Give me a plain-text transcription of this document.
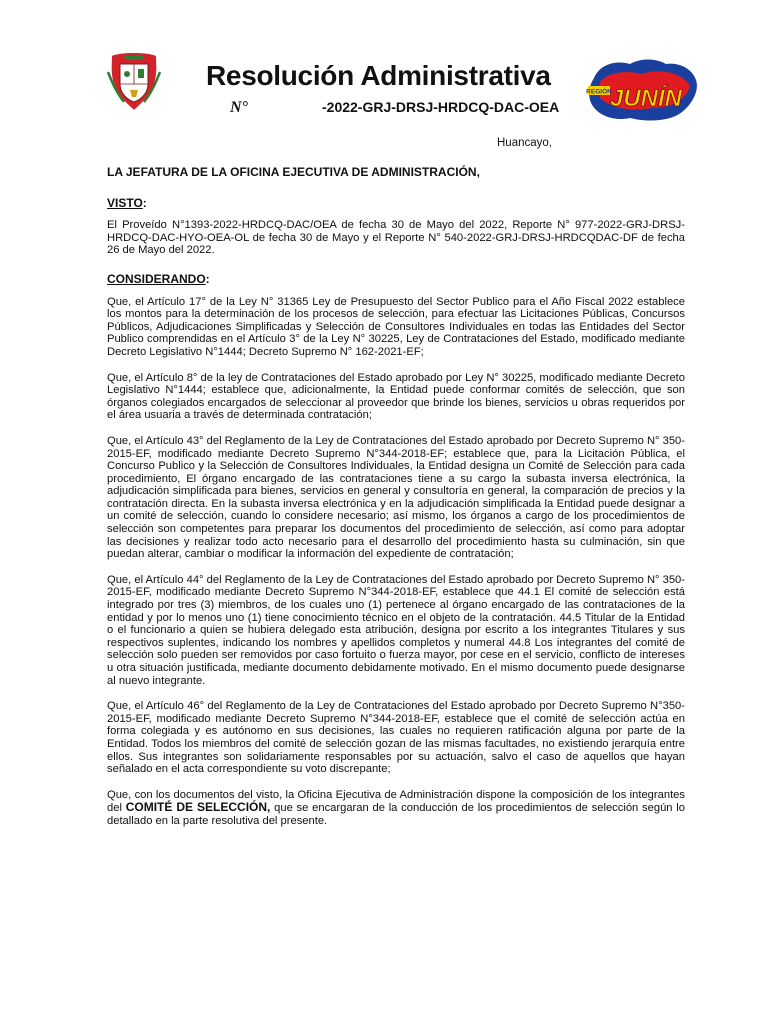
Resolución Administrativa
N°	-2022-GRJ-DRSJ-HRDCQ-DAC-OEA
REGIÓN
JUNÍN
Huancayo,

LA JEFATURA DE LA OFICINA EJECUTIVA DE ADMINISTRACIÓN,

VISTO:

El Proveído N°1393-2022-HRDCQ-DAC/OEA de fecha 30 de Mayo del 2022, Reporte N° 977-2022-GRJ-DRSJ-HRDCQ-DAC-HYO-OEA-OL de fecha 30 de Mayo y el Reporte N° 540-2022-GRJ-DRSJ-HRDCQDAC-DF de fecha 26 de Mayo del 2022.

CONSIDERANDO:

Que, el Artículo 17° de la Ley N° 31365 Ley de Presupuesto del Sector Publico para el Año Fiscal 2022 establece los montos para la determinación de los procesos de selección, para efectuar las Licitaciones Públicas, Concursos Públicos, Adjudicaciones Simplificadas y Selección de Consultores Individuales en todas las Entidades del Sector Publico comprendidas en el Artículo 3° de la Ley N° 30225, Ley de Contrataciones del Estado, modificado mediante Decreto Legislativo N°1444; Decreto Supremo N° 162-2021-EF;

Que, el Artículo 8° de la ley de Contrataciones del Estado aprobado por Ley N° 30225, modificado mediante Decreto Legislativo N°1444; establece que, adicionalmente, la Entidad puede conformar comités de selección, que son órganos colegiados encargados de seleccionar al proveedor que brinde los bienes, servicios u obras requeridos por el área usuaria a través de determinada contratación;

Que, el Artículo 43° del Reglamento de la Ley de Contrataciones del Estado aprobado por Decreto Supremo N° 350-2015-EF, modificado mediante Decreto Supremo N°344-2018-EF; establece que, para la Licitación Pública, el Concurso Publico y la Selección de Consultores Individuales, la Entidad designa un Comité de Selección para cada procedimiento, El órgano encargado de las contrataciones tiene a su cargo la subasta inversa electrónica, la adjudicación simplificada para bienes, servicios en general y consultoría en general, la comparación de precios y la contratación directa. En la subasta inversa electrónica y en la adjudicación simplificada la Entidad puede designar a un comité de selección, cuando lo considere necesario; así mismo, los órganos a cargo de los procedimientos de selección son competentes para preparar los documentos del procedimiento de selección, así como para adoptar las decisiones y realizar todo acto necesario para el desarrollo del procedimiento hasta su culminación, sin que puedan alterar, cambiar o modificar la información del expediente de contratación;

Que, el Artículo 44° del Reglamento de la Ley de Contrataciones del Estado aprobado por Decreto Supremo N° 350-2015-EF, modificado mediante Decreto Supremo N°344-2018-EF, establece que 44.1 El comité de selección está integrado por tres (3) miembros, de los cuales uno (1) pertenece al órgano encargado de las contrataciones de la entidad y por lo menos uno (1) tiene conocimiento técnico en el objeto de la contratación. 44.5 Titular de la Entidad o el funcionario a quien se hubiera delegado esta atribución, designa por escrito a los integrantes Titulares y sus respectivos suplentes, indicando los nombres y apellidos completos y numeral 44.8 Los integrantes del comité de selección solo pueden ser removidos por caso fortuito o fuerza mayor, por cese en el servicio, conflicto de intereses u otra situación justificada, mediante documento debidamente motivado. En el mismo documento puede designarse al nuevo integrante.

Que, el Artículo 46° del Reglamento de la Ley de Contrataciones del Estado aprobado por Decreto Supremo N°350-2015-EF, modificado mediante Decreto Supremo N°344-2018-EF, establece que el comité de selección actúa en forma colegiada y es autónomo en sus decisiones, las cuales no requieren ratificación alguna por parte de la Entidad. Todos los miembros del comité de selección gozan de las mismas facultades, no existiendo jerarquía entre ellos. Sus integrantes son solidariamente responsables por su actuación, salvo el caso de aquellos que hayan señalado en el acta correspondiente su voto discrepante;

Que, con los documentos del visto, la Oficina Ejecutiva de Administración dispone la composición de los integrantes del COMITÉ DE SELECCIÓN, que se encargaran de la conducción de los procedimientos de selección según lo detallado en la parte resolutiva del presente.
